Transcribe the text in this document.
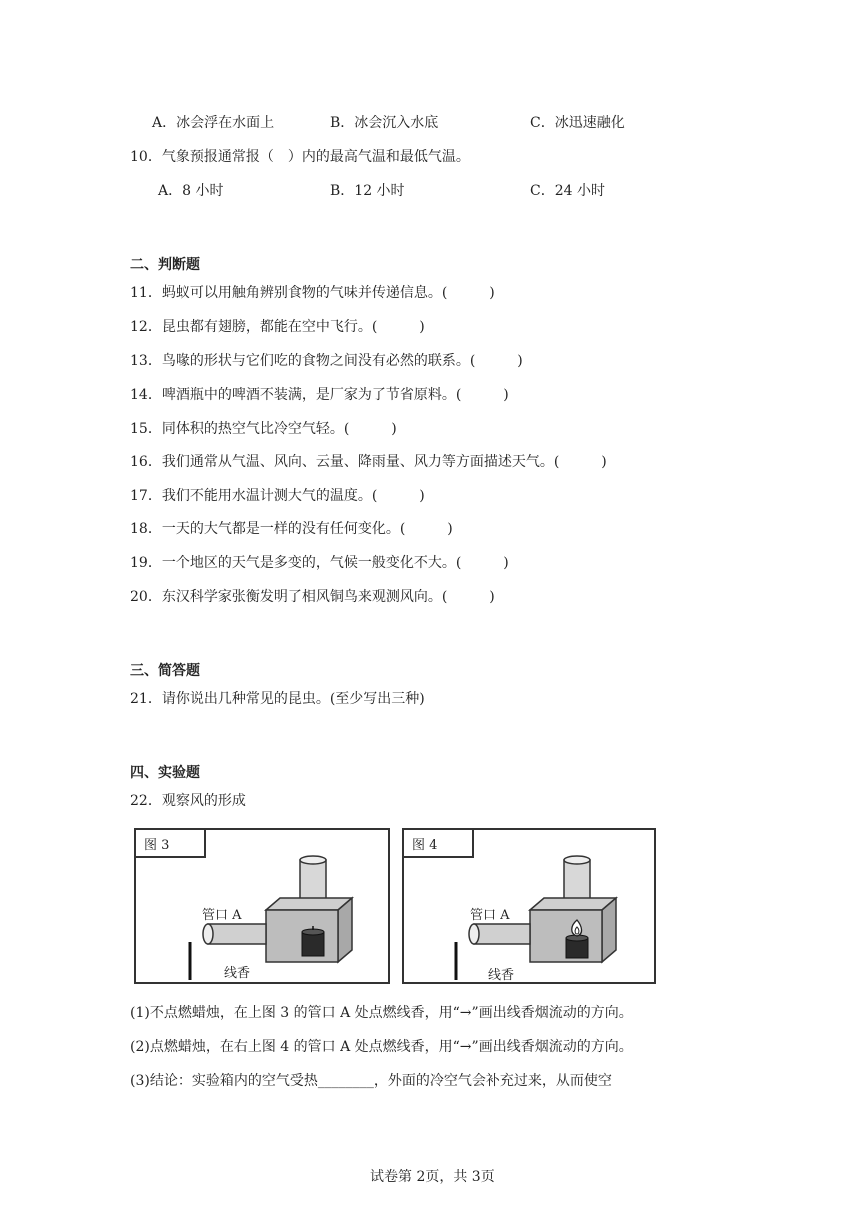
A．冰会浮在水面上	B．冰会沉入水底	C．冰迅速融化
10．气象预报通常报（　）内的最高气温和最低气温。
A．8 小时	B．12 小时	C．24 小时
二、判断题
11．蚂蚁可以用触角辨别食物的气味并传递信息。(　　　)
12．昆虫都有翅膀，都能在空中飞行。(　　　)
13．鸟喙的形状与它们吃的食物之间没有必然的联系。(　　　)
14．啤酒瓶中的啤酒不装满，是厂家为了节省原料。(　　　)
15．同体积的热空气比冷空气轻。(　　　)
16．我们通常从气温、风向、云量、降雨量、风力等方面描述天气。(　　　)
17．我们不能用水温计测大气的温度。(　　　)
18．一天的大气都是一样的没有任何变化。(　　　)
19．一个地区的天气是多变的，气候一般变化不大。(　　　)
20．东汉科学家张衡发明了相风铜鸟来观测风向。(　　　)
三、简答题
21．请你说出几种常见的昆虫。(至少写出三种)
四、实验题
22．观察风的形成
图 3
管口 A
线香
图 4
管口 A
线香
(1)不点燃蜡烛，在上图 3 的管口 A 处点燃线香，用“→”画出线香烟流动的方向。
(2)点燃蜡烛，在右上图 4 的管口 A 处点燃线香，用“→”画出线香烟流动的方向。
(3)结论：实验箱内的空气受热________，外面的冷空气会补充过来，从而使空
试卷第 2页，共 3页
